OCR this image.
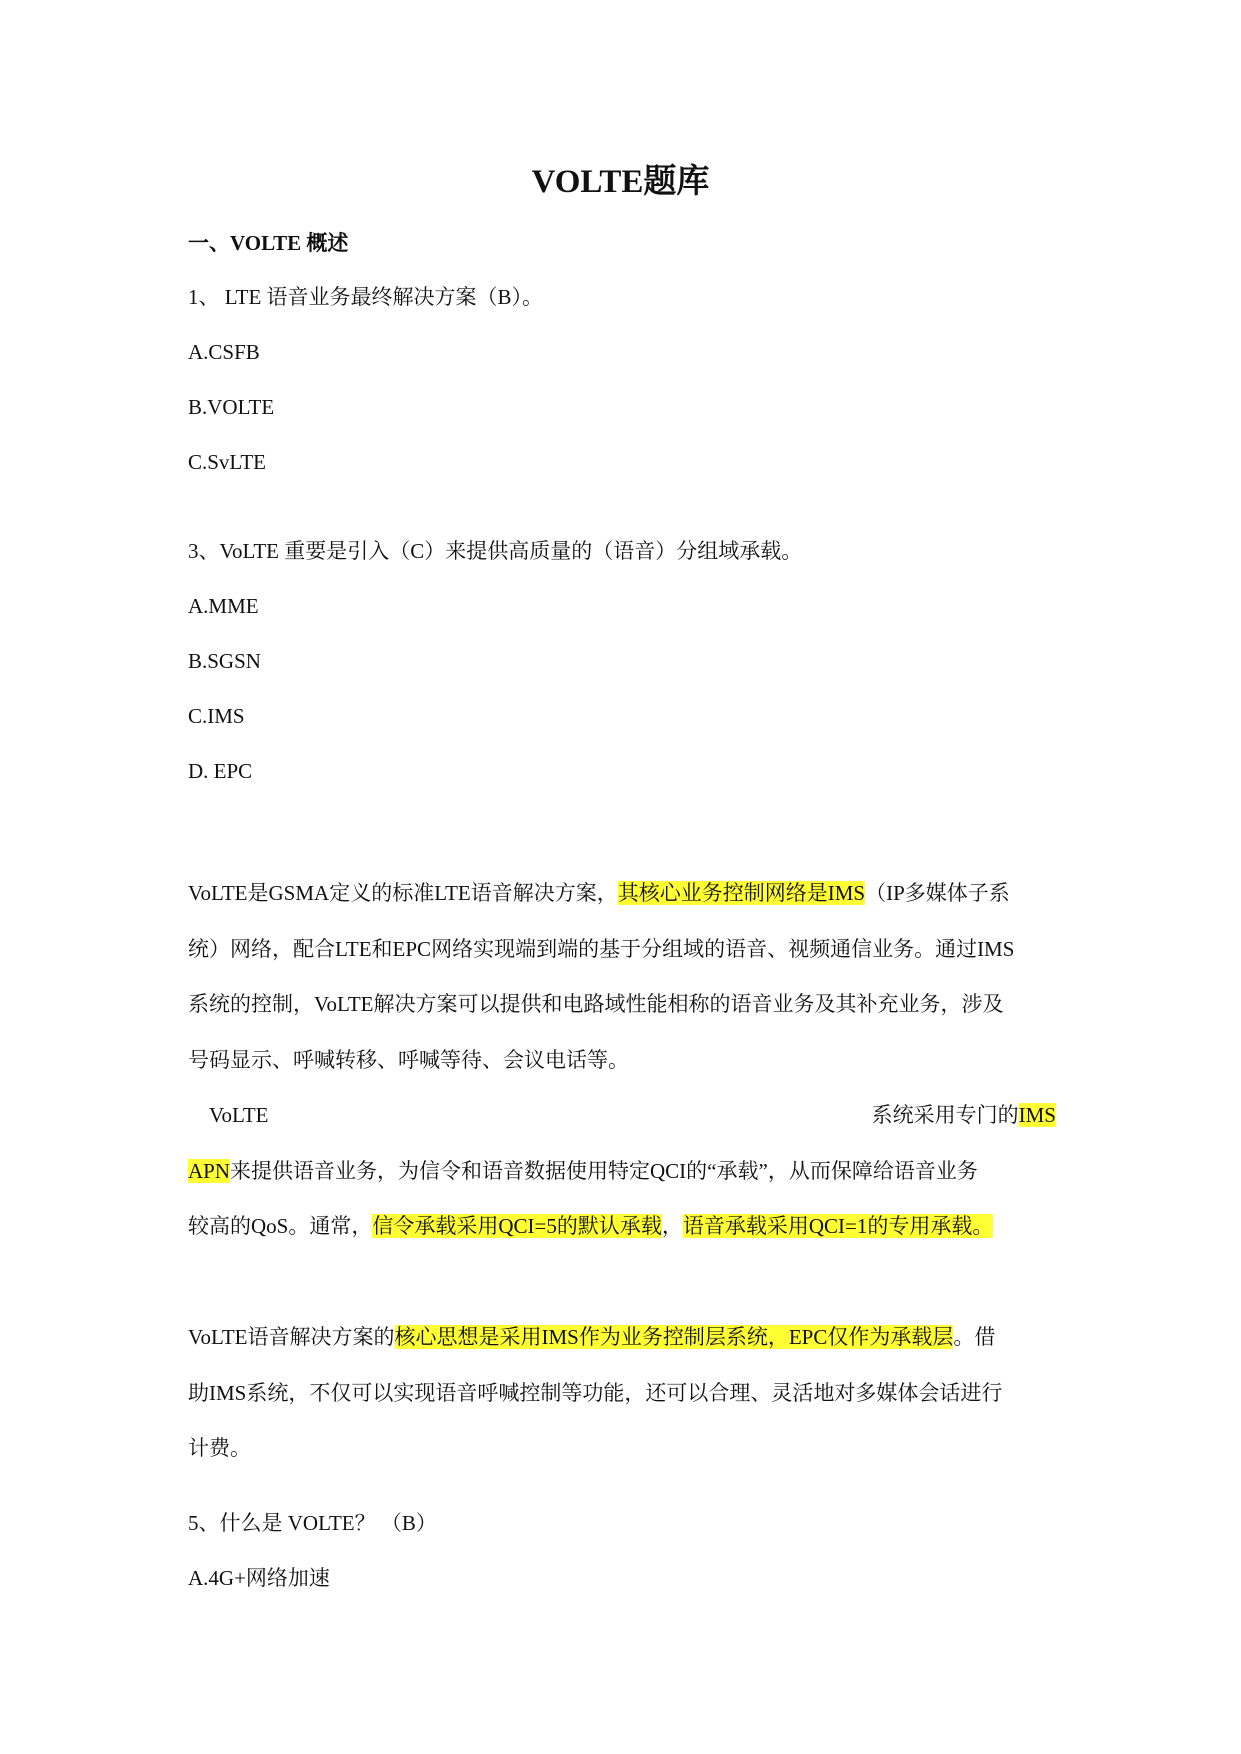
VOLTE题库
一、VOLTE 概述
1、 LTE 语音业务最终解决方案（B）。
A.CSFB
B.VOLTE
C.SvLTE
3、VoLTE 重要是引入（C）来提供高质量的（语音）分组域承载。
A.MME
B.SGSN
C.IMS
D. EPC
VoLTE是GSMA定义的标准LTE语音解决方案，其核心业务控制网络是IMS（IP多媒体子系
统）网络，配合LTE和EPC网络实现端到端的基于分组域的语音、视频通信业务。通过IMS
系统的控制，VoLTE解决方案可以提供和电路域性能相称的语音业务及其补充业务，涉及
号码显示、呼喊转移、呼喊等待、会议电话等。
VoLTE	系统采用专门的IMS
APN来提供语音业务，为信令和语音数据使用特定QCI的“承载”，从而保障给语音业务
较高的QoS。通常，信令承载采用QCI=5的默认承载，语音承载采用QCI=1的专用承载。
VoLTE语音解决方案的核心思想是采用IMS作为业务控制层系统，EPC仅作为承载层。借
助IMS系统，不仅可以实现语音呼喊控制等功能，还可以合理、灵活地对多媒体会话进行
计费。
5、什么是 VOLTE？ （B）
A.4G+网络加速
